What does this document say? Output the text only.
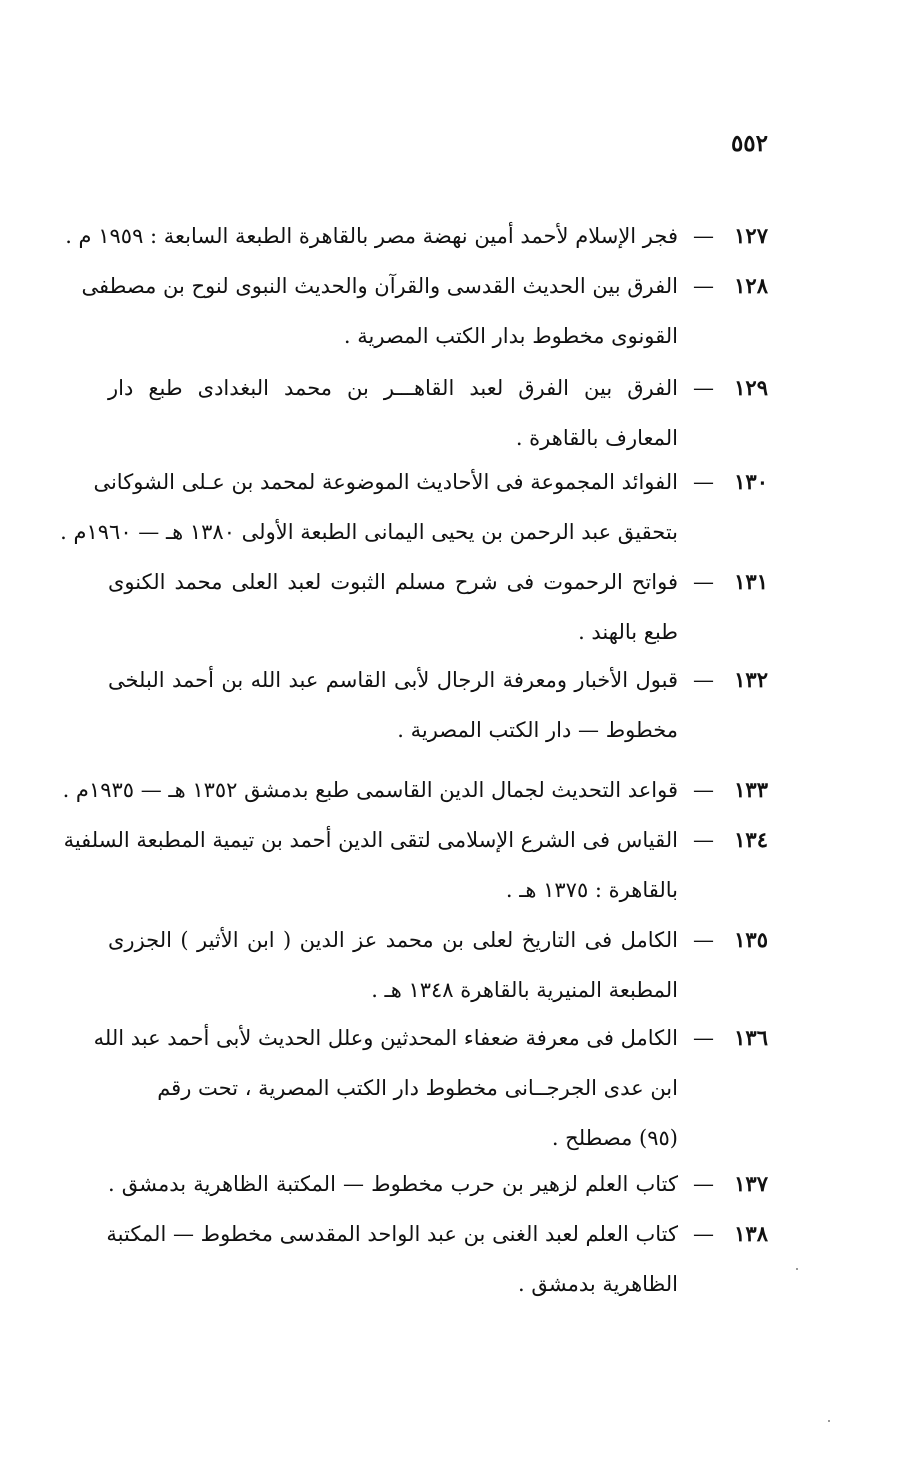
٥٥٢
١٢٧
—
فجر الإسلام لأحمد أمين نهضة مصر بالقاهرة الطبعة السابعة : ١٩٥٩ م .
١٢٨
—
الفرق بين الحديث القدسى والقرآن والحديث النبوى لنوح بن مصطفى
القونوى مخطوط بدار الكتب المصرية .
١٢٩
—
الفرق بين الفرق لعبد القاهـــر بن محمد البغدادى طبع دار
المعارف بالقاهرة .
١٣٠
—
الفوائد المجموعة فى الأحاديث الموضوعة لمحمد بن عـلى الشوكانى
بتحقيق عبد الرحمن بن يحيى اليمانى الطبعة الأولى ١٣٨٠ هـ — ١٩٦٠م .
١٣١
—
فواتح الرحموت فى شرح مسلم الثبوت لعبد العلى محمد الكنوى
طبع بالهند .
١٣٢
—
قبول الأخبار ومعرفة الرجال لأبى القاسم عبد الله بن أحمد البلخى
مخطوط — دار الكتب المصرية .
١٣٣
—
قواعد التحديث لجمال الدين القاسمى طبع بدمشق ١٣٥٢ هـ — ١٩٣٥م .
١٣٤
—
القياس فى الشرع الإسلامى لتقى الدين أحمد بن تيمية المطبعة السلفية
بالقاهرة : ١٣٧٥ هـ .
١٣٥
—
الكامل فى التاريخ لعلى بن محمد عز الدين ( ابن الأثير ) الجزرى
المطبعة المنيرية بالقاهرة ١٣٤٨ هـ .
١٣٦
—
الكامل فى معرفة ضعفاء المحدثين وعلل الحديث لأبى أحمد عبد الله
ابن عدى الجرجــانى مخطوط دار الكتب المصرية ، تحت رقم
(٩٥) مصطلح .
١٣٧
—
كتاب العلم لزهير بن حرب مخطوط — المكتبة الظاهرية بدمشق .
١٣٨
—
كتاب العلم لعبد الغنى بن عبد الواحد المقدسى مخطوط — المكتبة
الظاهرية بدمشق .
